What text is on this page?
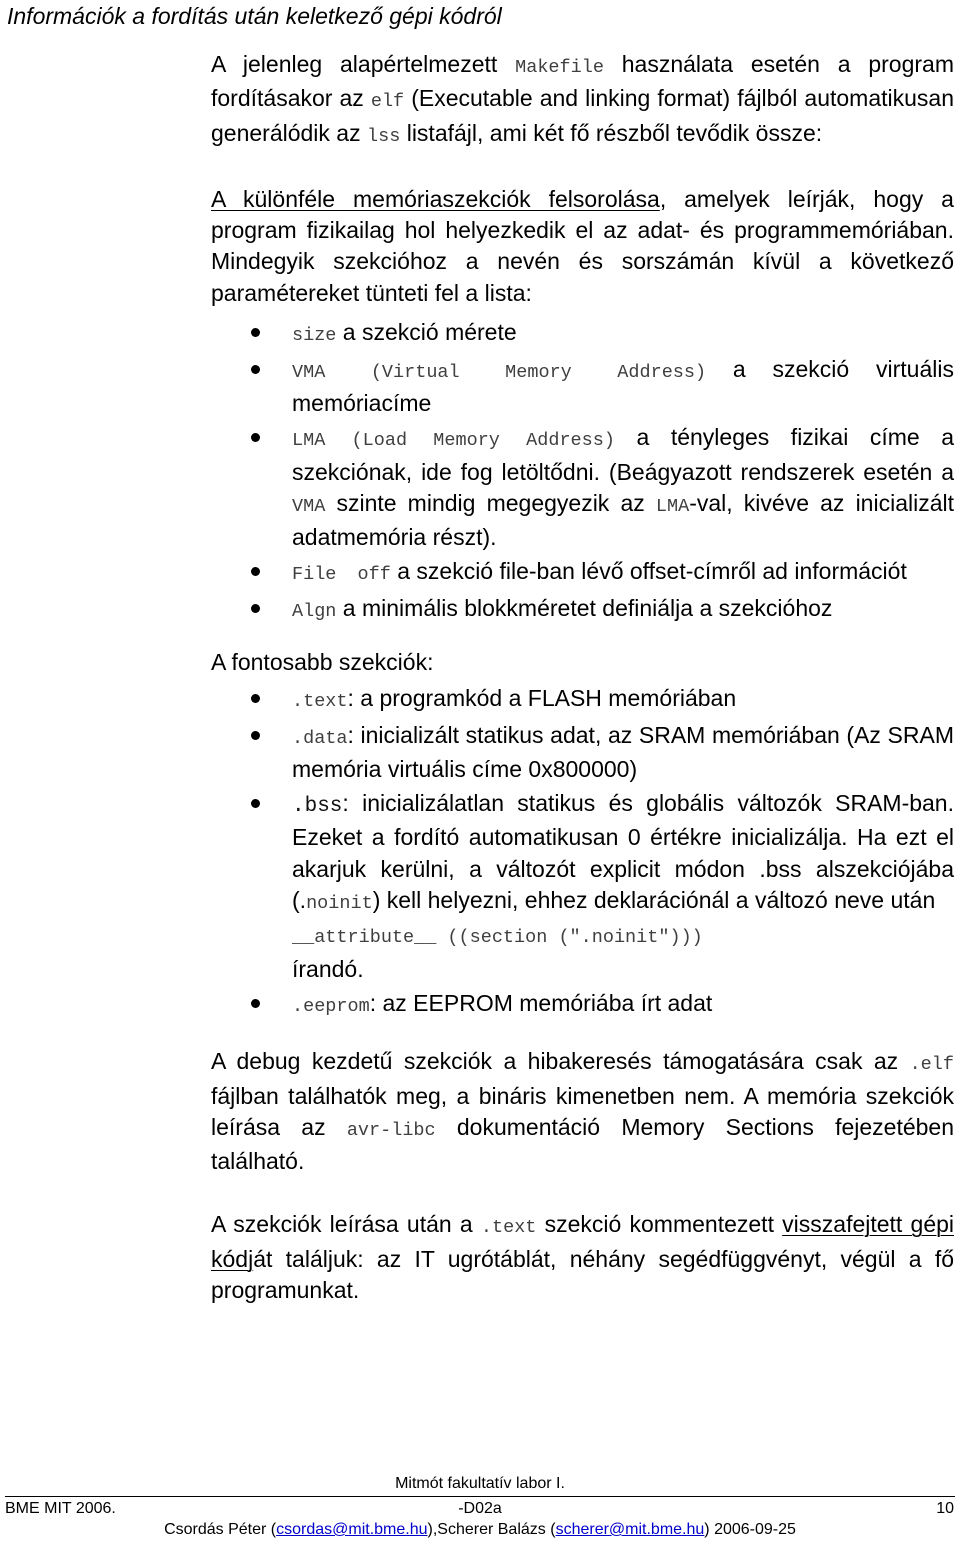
Információk a fordítás után keletkező gépi kódról

A jelenleg alapértelmezett Makefile használata esetén a program fordításakor az elf (Executable and linking format) fájlból automatikusan generálódik az lss listafájl, ami két fő részből tevődik össze:

A különféle memóriaszekciók felsorolása, amelyek leírják, hogy a program fizikailag hol helyezkedik el az adat- és programmemóriában. Mindegyik szekcióhoz a nevén és sorszámán kívül a következő paramétereket tünteti fel a lista:

size a szekció mérete
VMA (Virtual Memory Address) a szekció virtuális memóriacíme
LMA (Load Memory Address) a tényleges fizikai címe a szekciónak, ide fog letöltődni. (Beágyazott rendszerek esetén a VMA szinte mindig megegyezik az LMA-val, kivéve az inicializált adatmemória részt).
File off a szekció file-ban lévő offset-címről ad információt
Algn a minimális blokkméretet definiálja a szekcióhoz

A fontosabb szekciók:

.text: a programkód a FLASH memóriában
.data: inicializált statikus adat, az SRAM memóriában (Az SRAM memória virtuális címe 0x800000)
.bss: inicializálatlan statikus és globális változók SRAM-ban. Ezeket a fordító automatikusan 0 értékre inicializálja. Ha ezt el akarjuk kerülni, a változót explicit módon .bss alszekciójába (.noinit) kell helyezni, ehhez deklarációnál a változó neve után
__attribute__ ((section (".noinit")))
írandó.
.eeprom: az EEPROM memóriába írt adat

A debug kezdetű szekciók a hibakeresés támogatására csak az .elf fájlban találhatók meg, a bináris kimenetben nem. A memória szekciók leírása az avr-libc dokumentáció Memory Sections fejezetében található.

A szekciók leírása után a .text szekció kommentezett visszafejtett gépi kódját találjuk: az IT ugrótáblát, néhány segédfüggvényt, végül a fő programunkat.

Mitmót fakultatív labor I.
BME MIT 2006.	-D02a	10
Csordás Péter (csordas@mit.bme.hu),Scherer Balázs (scherer@mit.bme.hu) 2006-09-25
